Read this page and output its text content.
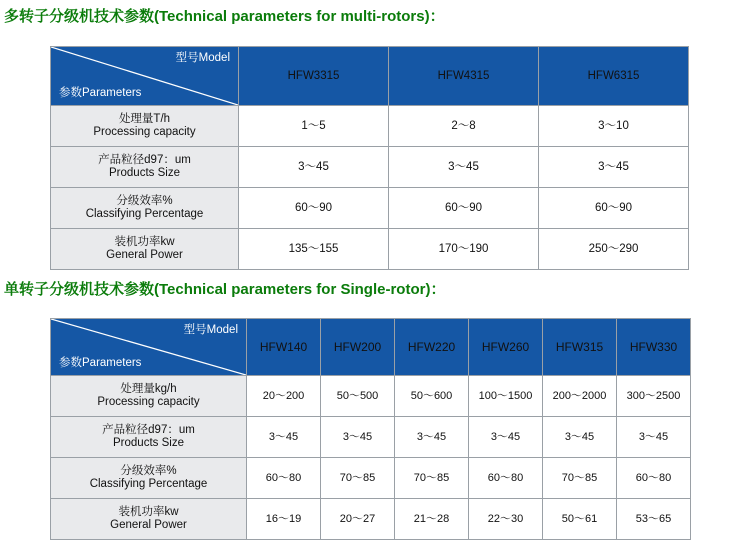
多转子分级机技术参数(Technical parameters for multi-rotors)：
型号Model
参数Parameters	HFW3315	HFW4315	HFW6315

处理量T/h
Processing capacity	1～5	2～8	3～10

产品粒径d97：um
Products Size	3～45	3～45	3～45

分级效率%
Classifying Percentage	60～90	60～90	60～90

装机功率kw
General Power	135～155	170～190	250～290
单转子分级机技术参数(Technical parameters for Single-rotor)：
型号Model
参数Parameters	HFW140	HFW200	HFW220	HFW260	HFW315	HFW330

处理量kg/h
Processing capacity	20～200	50～500	50～600	100～1500	200～2000	300～2500

产品粒径d97：um
Products Size	3～45	3～45	3～45	3～45	3～45	3～45

分级效率%
Classifying Percentage	60～80	70～85	70～85	60～80	70～85	60～80

装机功率kw
General Power	16～19	20～27	21～28	22～30	50～61	53～65
